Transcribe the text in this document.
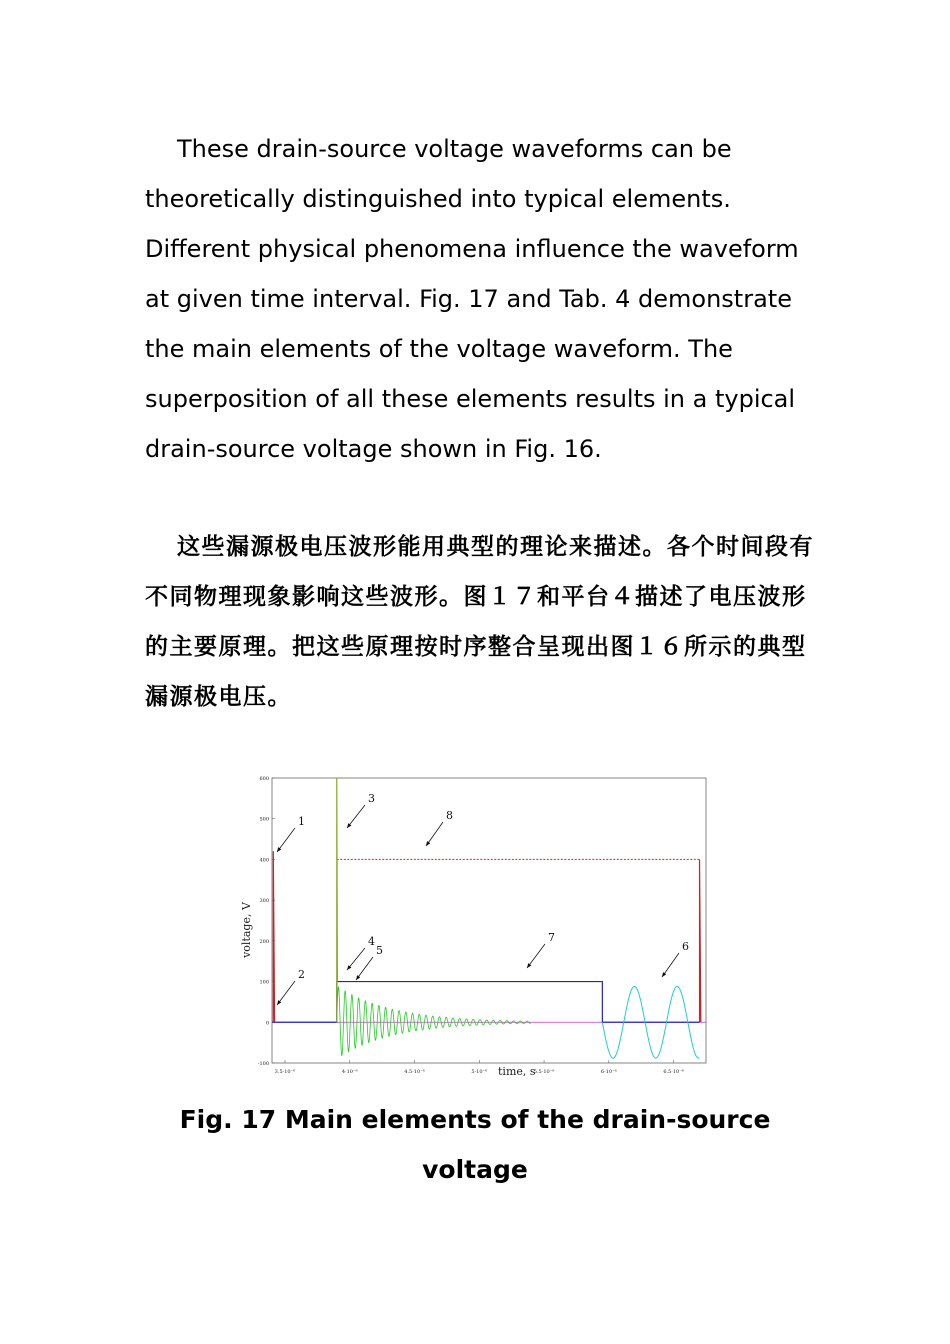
These drain-source voltage waveforms can be theoretically distinguished into typical elements. Different physical phenomena influence the waveform at given time interval. Fig. 17 and Tab. 4 demonstrate the main elements of the voltage waveform. The superposition of all these elements results in a typical drain-source voltage shown in Fig. 16.

这些漏源极电压波形能用典型的理论来描述。各个时间段有不同物理现象影响这些波形。图１７和平台４描述了电压波形的主要原理。把这些原理按时序整合呈现出图１６所示的典型漏源极电压。

600
500
400
300
200
100
0
-100
3.5·10⁻⁶	4·10⁻⁶	4.5·10⁻⁶	5·10⁻⁶	5.5·10⁻⁶	6·10⁻⁶	6.5·10⁻⁶
voltage, V
time, s
1
2
3
4
5	6
7
8

Fig. 17 Main elements of the drain-source voltage
